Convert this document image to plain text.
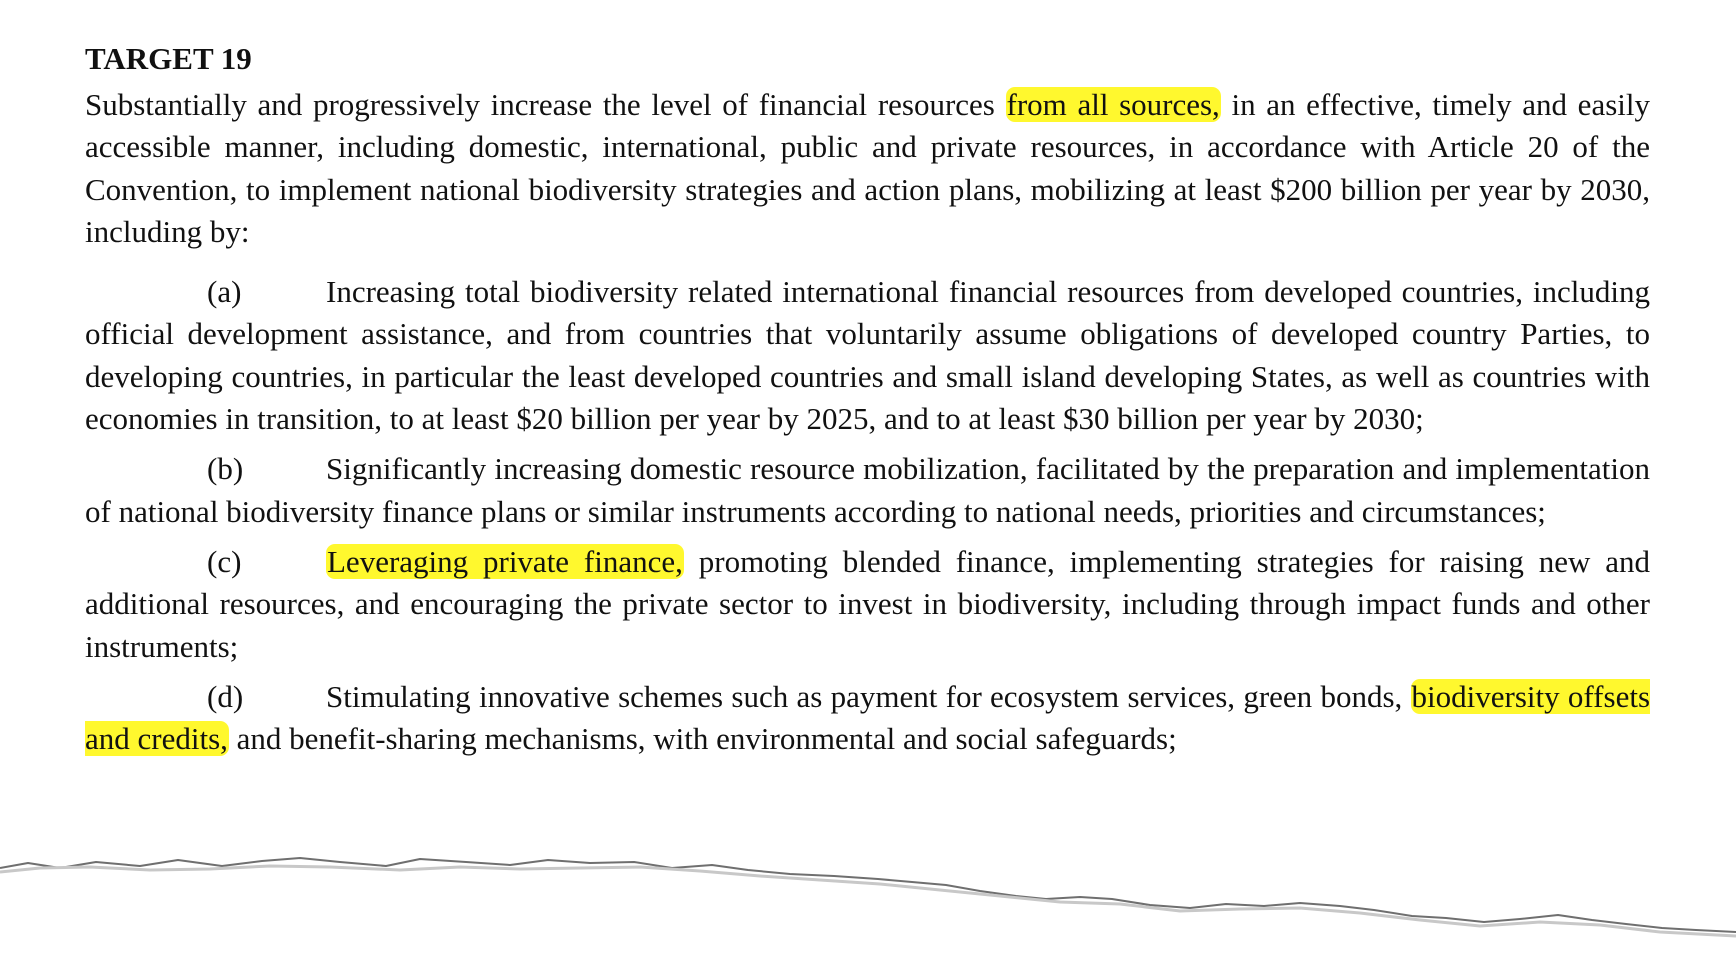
TARGET 19

Substantially and progressively increase the level of financial resources from all sources, in an effective, timely and easily accessible manner, including domestic, international, public and private resources, in accordance with Article 20 of the Convention, to implement national biodiversity strategies and action plans, mobilizing at least $200 billion per year by 2030, including by:

(a)	Increasing total biodiversity related international financial resources from developed countries, including official development assistance, and from countries that voluntarily assume obligations of developed country Parties, to developing countries, in particular the least developed countries and small island developing States, as well as countries with economies in transition, to at least $20 billion per year by 2025, and to at least $30 billion per year by 2030;

(b)	Significantly increasing domestic resource mobilization, facilitated by the preparation and implementation of national biodiversity finance plans or similar instruments according to national needs, priorities and circumstances;

(c)	Leveraging private finance, promoting blended finance, implementing strategies for raising new and additional resources, and encouraging the private sector to invest in biodiversity, including through impact funds and other instruments;

(d)	Stimulating innovative schemes such as payment for ecosystem services, green bonds, biodiversity offsets and credits, and benefit-sharing mechanisms, with environmental and social safeguards;
